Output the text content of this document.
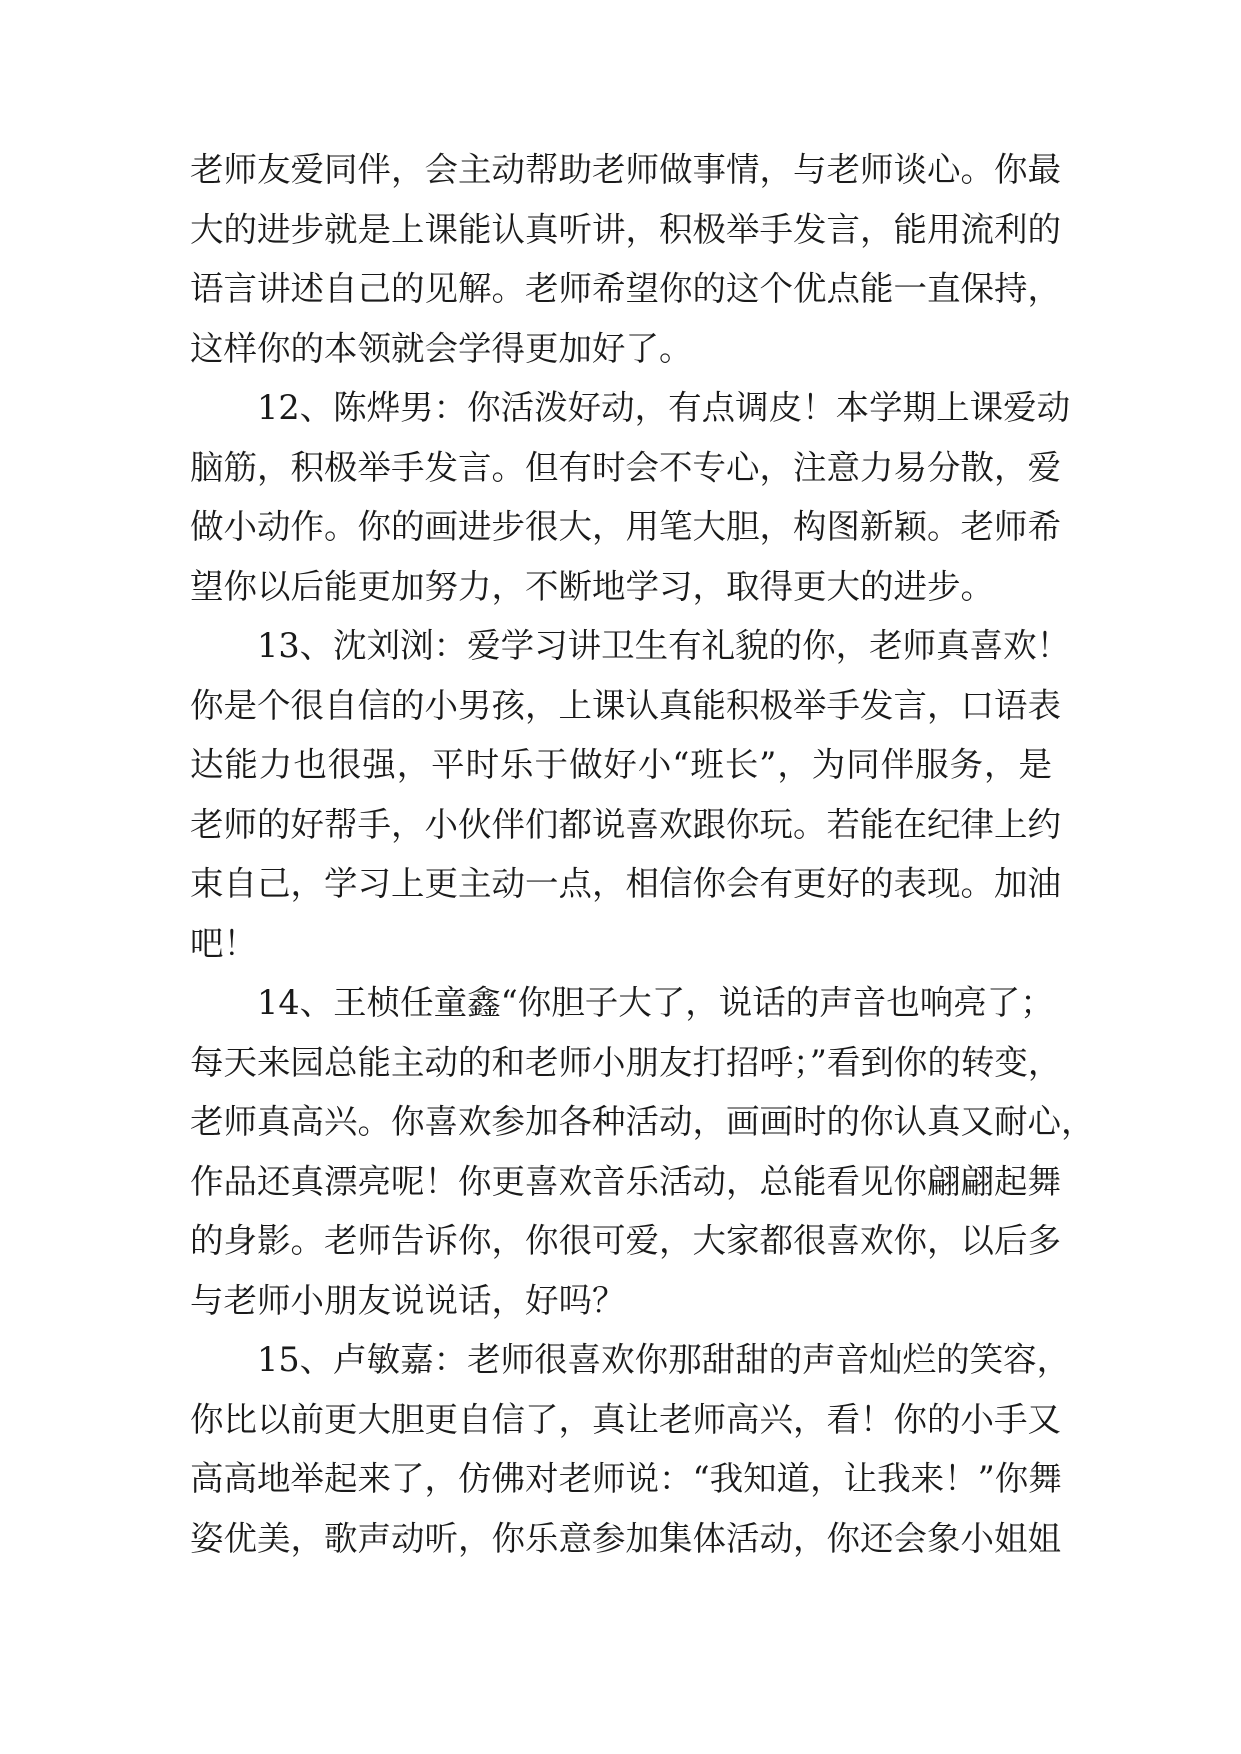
老师友爱同伴，会主动帮助老师做事情，与老师谈心。你最
大的进步就是上课能认真听讲，积极举手发言，能用流利的
语言讲述自己的见解。老师希望你的这个优点能一直保持，
这样你的本领就会学得更加好了。
12、陈烨男：你活泼好动，有点调皮！本学期上课爱动
脑筋，积极举手发言。但有时会不专心，注意力易分散，爱
做小动作。你的画进步很大，用笔大胆，构图新颖。老师希
望你以后能更加努力，不断地学习，取得更大的进步。
13、沈刘浏：爱学习讲卫生有礼貌的你，老师真喜欢！
你是个很自信的小男孩，上课认真能积极举手发言，口语表
达能力也很强，平时乐于做好小“班长”，为同伴服务，是
老师的好帮手，小伙伴们都说喜欢跟你玩。若能在纪律上约
束自己，学习上更主动一点，相信你会有更好的表现。加油
吧！
14、王桢任童鑫“你胆子大了，说话的声音也响亮了；
每天来园总能主动的和老师小朋友打招呼；”看到你的转变，
老师真高兴。你喜欢参加各种活动，画画时的你认真又耐心，
作品还真漂亮呢！你更喜欢音乐活动，总能看见你翩翩起舞
的身影。老师告诉你，你很可爱，大家都很喜欢你，以后多
与老师小朋友说说话，好吗？
15、卢敏嘉：老师很喜欢你那甜甜的声音灿烂的笑容，
你比以前更大胆更自信了，真让老师高兴，看！你的小手又
高高地举起来了，仿佛对老师说：“我知道，让我来！”你舞
姿优美，歌声动听，你乐意参加集体活动，你还会象小姐姐
